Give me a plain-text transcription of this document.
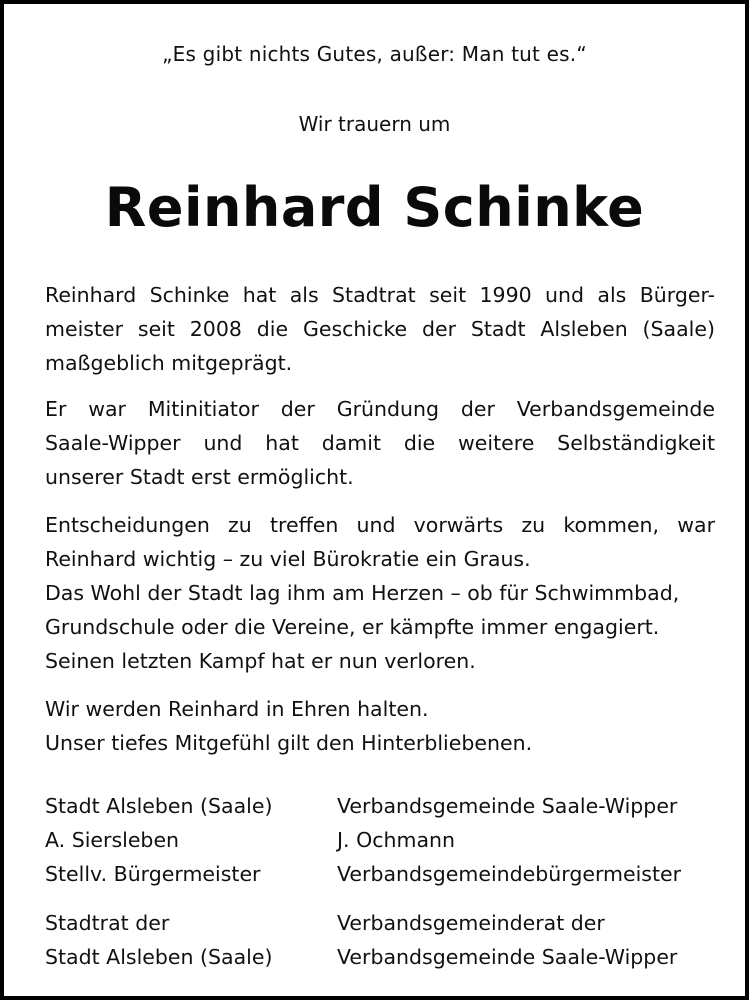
„Es gibt nichts Gutes, außer: Man tut es.“
Wir trauern um
Reinhard Schinke
Reinhard Schinke hat als Stadtrat seit 1990 und als Bürger-
meister seit 2008 die Geschicke der Stadt Alsleben (Saale)
maßgeblich mitgeprägt.
Er war Mitinitiator der Gründung der Verbandsgemeinde
Saale-Wipper und hat damit die weitere Selbständigkeit
unserer Stadt erst ermöglicht.
Entscheidungen zu treffen und vorwärts zu kommen, war
Reinhard wichtig – zu viel Bürokratie ein Graus.
Das Wohl der Stadt lag ihm am Herzen – ob für Schwimmbad,
Grundschule oder die Vereine, er kämpfte immer engagiert.
Seinen letzten Kampf hat er nun verloren.
Wir werden Reinhard in Ehren halten.
Unser tiefes Mitgefühl gilt den Hinterbliebenen.
Stadt Alsleben (Saale)
A. Siersleben
Stellv. Bürgermeister
Stadtrat der
Stadt Alsleben (Saale)
Verbandsgemeinde Saale-Wipper
J. Ochmann
Verbandsgemeindebürgermeister
Verbandsgemeinderat der
Verbandsgemeinde Saale-Wipper
